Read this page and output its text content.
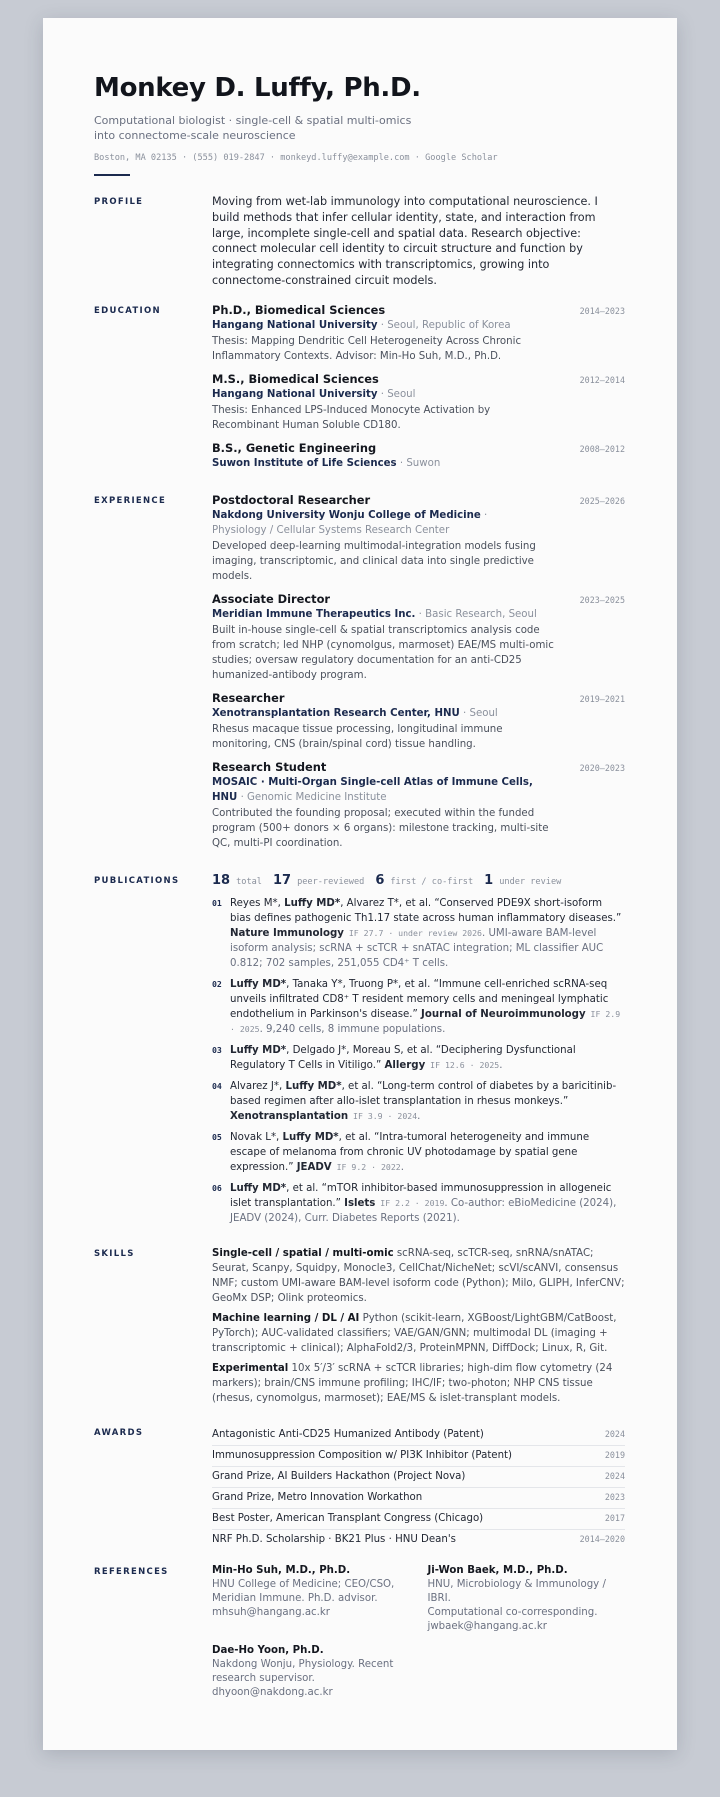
Monkey D. Luffy, Ph.D.
Computational biologist · single-cell & spatial multi-omics into connectome-scale neuroscience
Boston, MA 02135 · (555) 019-2847 · monkeyd.luffy@example.com · Google Scholar
PROFILE	Moving from wet-lab immunology into computational neuroscience. I build methods that infer cellular identity, state, and interaction from large, incomplete single-cell and spatial data. Research objective: connect molecular cell identity to circuit structure and function by integrating connectomics with transcriptomics, growing into connectome-constrained circuit models.
EDUCATION	Ph.D., Biomedical Sciences	2014–2023
Hangang National University · Seoul, Republic of Korea
Thesis: Mapping Dendritic Cell Heterogeneity Across Chronic Inflammatory Contexts. Advisor: Min-Ho Suh, M.D., Ph.D.
M.S., Biomedical Sciences	2012–2014
Hangang National University · Seoul
Thesis: Enhanced LPS-Induced Monocyte Activation by Recombinant Human Soluble CD180.
B.S., Genetic Engineering	2008–2012
Suwon Institute of Life Sciences · Suwon
EXPERIENCE	Postdoctoral Researcher	2025–2026
Nakdong University Wonju College of Medicine · Physiology / Cellular Systems Research Center
Developed deep-learning multimodal-integration models fusing imaging, transcriptomic, and clinical data into single predictive models.
Associate Director	2023–2025
Meridian Immune Therapeutics Inc. · Basic Research, Seoul
Built in-house single-cell & spatial transcriptomics analysis code from scratch; led NHP (cynomolgus, marmoset) EAE/MS multi-omic studies; oversaw regulatory documentation for an anti-CD25 humanized-antibody program.
Researcher	2019–2021
Xenotransplantation Research Center, HNU · Seoul
Rhesus macaque tissue processing, longitudinal immune monitoring, CNS (brain/spinal cord) tissue handling.
Research Student	2020–2023
MOSAIC · Multi-Organ Single-cell Atlas of Immune Cells, HNU · Genomic Medicine Institute
Contributed the founding proposal; executed within the funded program (500+ donors × 6 organs): milestone tracking, multi-site QC, multi-PI coordination.
PUBLICATIONS	18 total 17 peer-reviewed 6 first / co-first 1 under review
01 Reyes M*, Luffy MD*, Alvarez T*, et al. “Conserved PDE9X short-isoform bias defines pathogenic Th1.17 state across human inflammatory diseases.” Nature Immunology IF 27.7 · under review 2026. UMI-aware BAM-level isoform analysis; scRNA + scTCR + snATAC integration; ML classifier AUC 0.812; 702 samples, 251,055 CD4⁺ T cells.
02 Luffy MD*, Tanaka Y*, Truong P*, et al. “Immune cell-enriched scRNA-seq unveils infiltrated CD8⁺ T resident memory cells and meningeal lymphatic endothelium in Parkinson's disease.” Journal of Neuroimmunology IF 2.9 · 2025. 9,240 cells, 8 immune populations.
03 Luffy MD*, Delgado J*, Moreau S, et al. “Deciphering Dysfunctional Regulatory T Cells in Vitiligo.” Allergy IF 12.6 · 2025.
04 Alvarez J*, Luffy MD*, et al. “Long-term control of diabetes by a baricitinib-based regimen after allo-islet transplantation in rhesus monkeys.” Xenotransplantation IF 3.9 · 2024.
05 Novak L*, Luffy MD*, et al. “Intra-tumoral heterogeneity and immune escape of melanoma from chronic UV photodamage by spatial gene expression.” JEADV IF 9.2 · 2022.
06 Luffy MD*, et al. “mTOR inhibitor-based immunosuppression in allogeneic islet transplantation.” Islets IF 2.2 · 2019. Co-author: eBioMedicine (2024), JEADV (2024), Curr. Diabetes Reports (2021).
SKILLS	Single-cell / spatial / multi-omic scRNA-seq, scTCR-seq, snRNA/snATAC; Seurat, Scanpy, Squidpy, Monocle3, CellChat/NicheNet; scVI/scANVI, consensus NMF; custom UMI-aware BAM-level isoform code (Python); Milo, GLIPH, InferCNV; GeoMx DSP; Olink proteomics.
Machine learning / DL / AI Python (scikit-learn, XGBoost/LightGBM/CatBoost, PyTorch); AUC-validated classifiers; VAE/GAN/GNN; multimodal DL (imaging + transcriptomic + clinical); AlphaFold2/3, ProteinMPNN, DiffDock; Linux, R, Git.
Experimental 10x 5′/3′ scRNA + scTCR libraries; high-dim flow cytometry (24 markers); brain/CNS immune profiling; IHC/IF; two-photon; NHP CNS tissue (rhesus, cynomolgus, marmoset); EAE/MS & islet-transplant models.
AWARDS	Antagonistic Anti-CD25 Humanized Antibody (Patent)	2024
Immunosuppression Composition w/ PI3K Inhibitor (Patent)	2019
Grand Prize, AI Builders Hackathon (Project Nova)	2024
Grand Prize, Metro Innovation Workathon	2023
Best Poster, American Transplant Congress (Chicago)	2017
NRF Ph.D. Scholarship · BK21 Plus · HNU Dean's	2014–2020
REFERENCES	Min-Ho Suh, M.D., Ph.D.
HNU College of Medicine; CEO/CSO,
Meridian Immune. Ph.D. advisor.
mhsuh@hangang.ac.kr
Ji-Won Baek, M.D., Ph.D.
HNU, Microbiology & Immunology / IBRI.
Computational co-corresponding.
jwbaek@hangang.ac.kr
Dae-Ho Yoon, Ph.D.
Nakdong Wonju, Physiology. Recent
research supervisor.
dhyoon@nakdong.ac.kr
